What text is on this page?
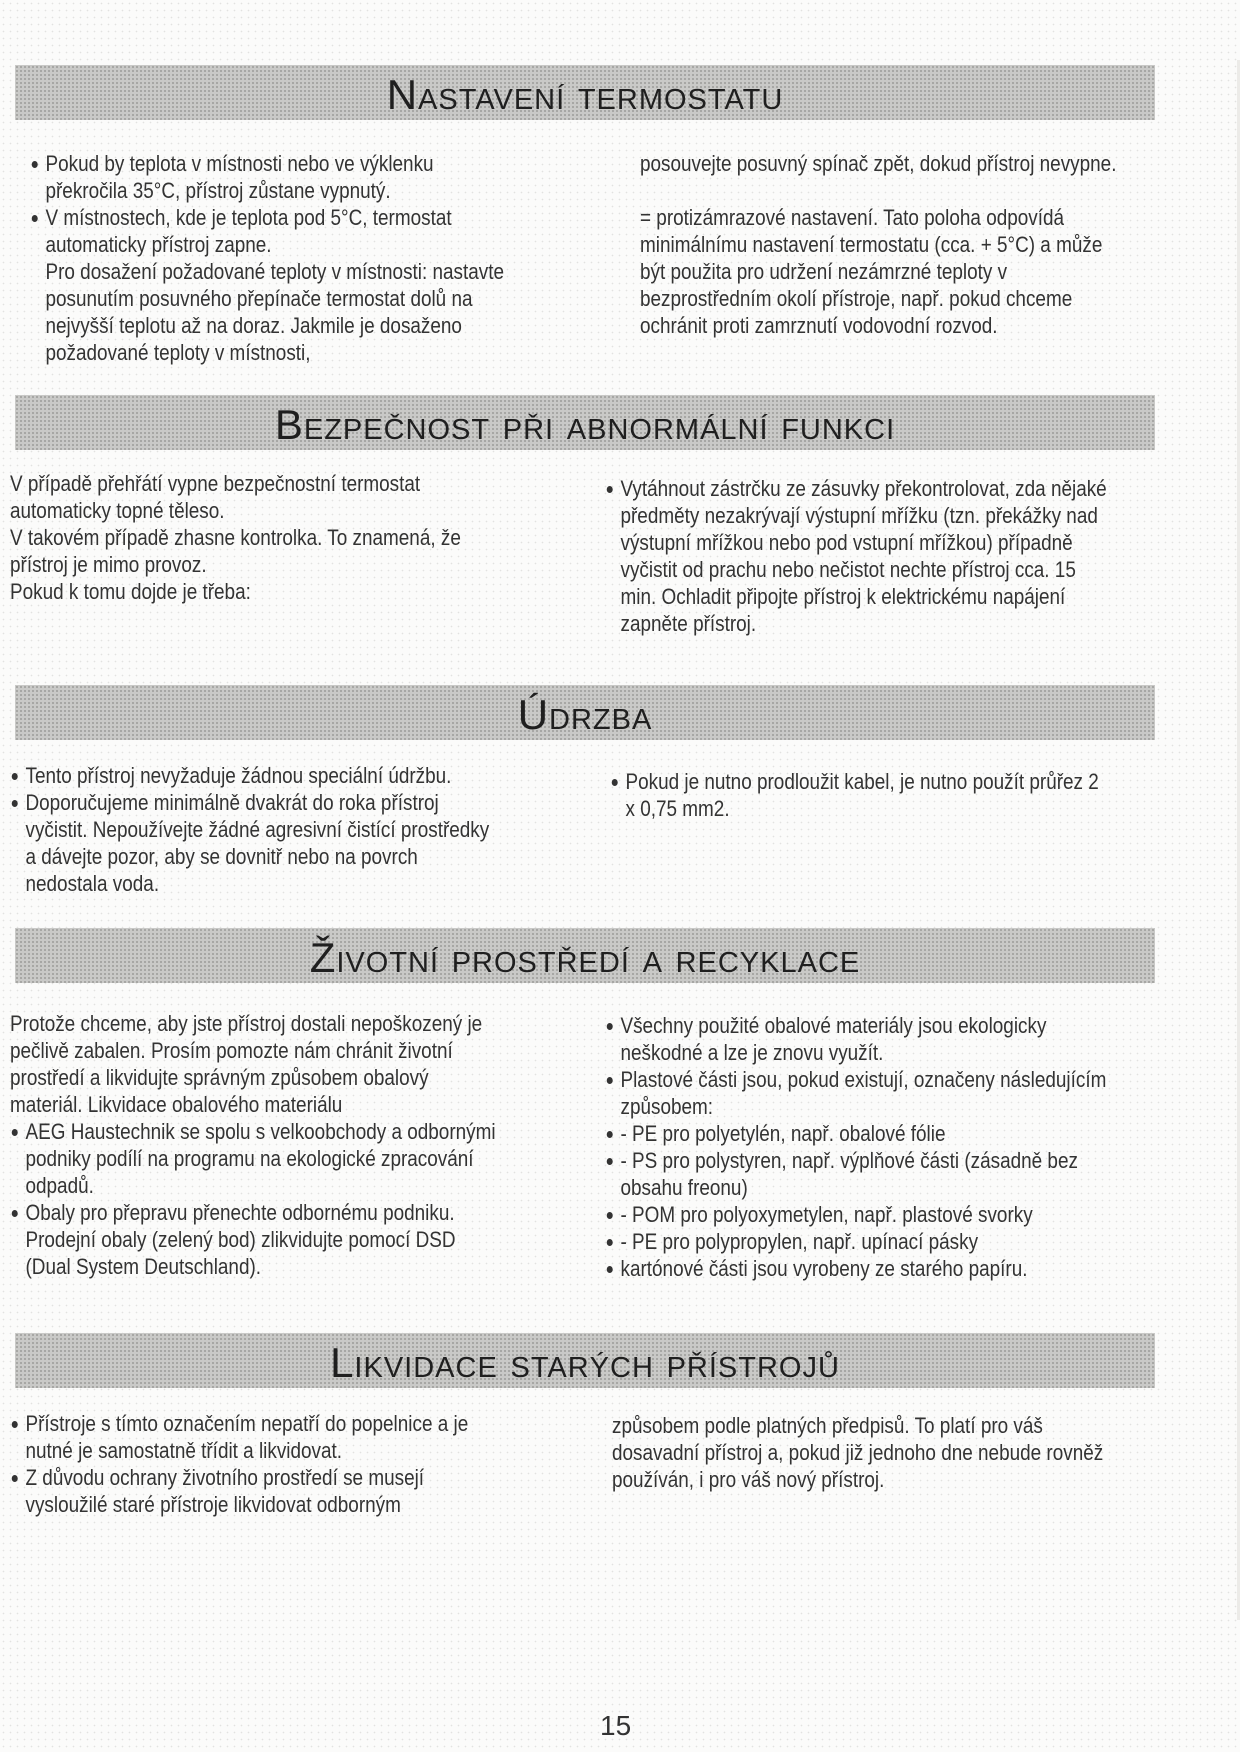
Nastavení termostatu
Pokud by teplota v místnosti nebo ve výklenku překročila 35°C, přístroj zůstane vypnutý.
V místnostech, kde je teplota pod 5°C, termostat automaticky přístroj zapne.

Pro dosažení požadované teploty v místnosti: nastavte posunutím posuvného přepínače termostat dolů na nejvyšší teplotu až na doraz. Jakmile je dosaženo požadované teploty v místnosti,

posouvejte posuvný spínač zpět, dokud přístroj nevypne.

= protizámrazové nastavení. Tato poloha odpovídá minimálnímu nastavení termostatu (cca. + 5°C) a může být použita pro udržení nezámrzné teploty v bezprostředním okolí přístroje, např. pokud chceme ochránit proti zamrznutí vodovodní rozvod.

Bezpečnost při abnormální funkci

V případě přehřátí vypne bezpečnostní termostat automaticky topné těleso.

V takovém případě zhasne kontrolka. To znamená, že přístroj je mimo provoz.

Pokud k tomu dojde je třeba:

Vytáhnout zástrčku ze zásuvky překontrolovat, zda nějaké předměty nezakrývají výstupní mřížku (tzn. překážky nad výstupní mřížkou nebo pod vstupní mřížkou) případně vyčistit od prachu nebo nečistot nechte přístroj cca. 15 min. Ochladit připojte přístroj k elektrickému napájení zapněte přístroj.
Údrzba
Tento přístroj nevyžaduje žádnou speciální údržbu.
Doporučujeme minimálně dvakrát do roka přístroj vyčistit. Nepoužívejte žádné agresivní čistící prostředky a dávejte pozor, aby se dovnitř nebo na povrch nedostala voda.
Pokud je nutno prodloužit kabel, je nutno použít průřez 2 x 0,75 mm2.
Životní prostředí a recyklace

Protože chceme, aby jste přístroj dostali nepoškozený je pečlivě zabalen. Prosím pomozte nám chránit životní prostředí a likvidujte správným způsobem obalový materiál. Likvidace obalového materiálu

AEG Haustechnik se spolu s velkoobchody a odbornými podniky podílí na programu na ekologické zpracování odpadů.
Obaly pro přepravu přenechte odbornému podniku. Prodejní obaly (zelený bod) zlikvidujte pomocí DSD (Dual System Deutschland).
Všechny použité obalové materiály jsou ekologicky neškodné a lze je znovu využít.
Plastové části jsou, pokud existují, označeny následujícím způsobem:
- PE pro polyetylén, např. obalové fólie
- PS pro polystyren, např. výplňové části (zásadně bez obsahu freonu)
- POM pro polyoxymetylen, např. plastové svorky
- PE pro polypropylen, např. upínací pásky
kartónové části jsou vyrobeny ze starého papíru.
Likvidace starých přístrojů
Přístroje s tímto označením nepatří do popelnice a je nutné je samostatně třídit a likvidovat.
Z důvodu ochrany životního prostředí se musejí vysloužilé staré přístroje likvidovat odborným

způsobem podle platných předpisů. To platí pro váš dosavadní přístroj a, pokud již jednoho dne nebude rovněž používán, i pro váš nový přístroj.

15
